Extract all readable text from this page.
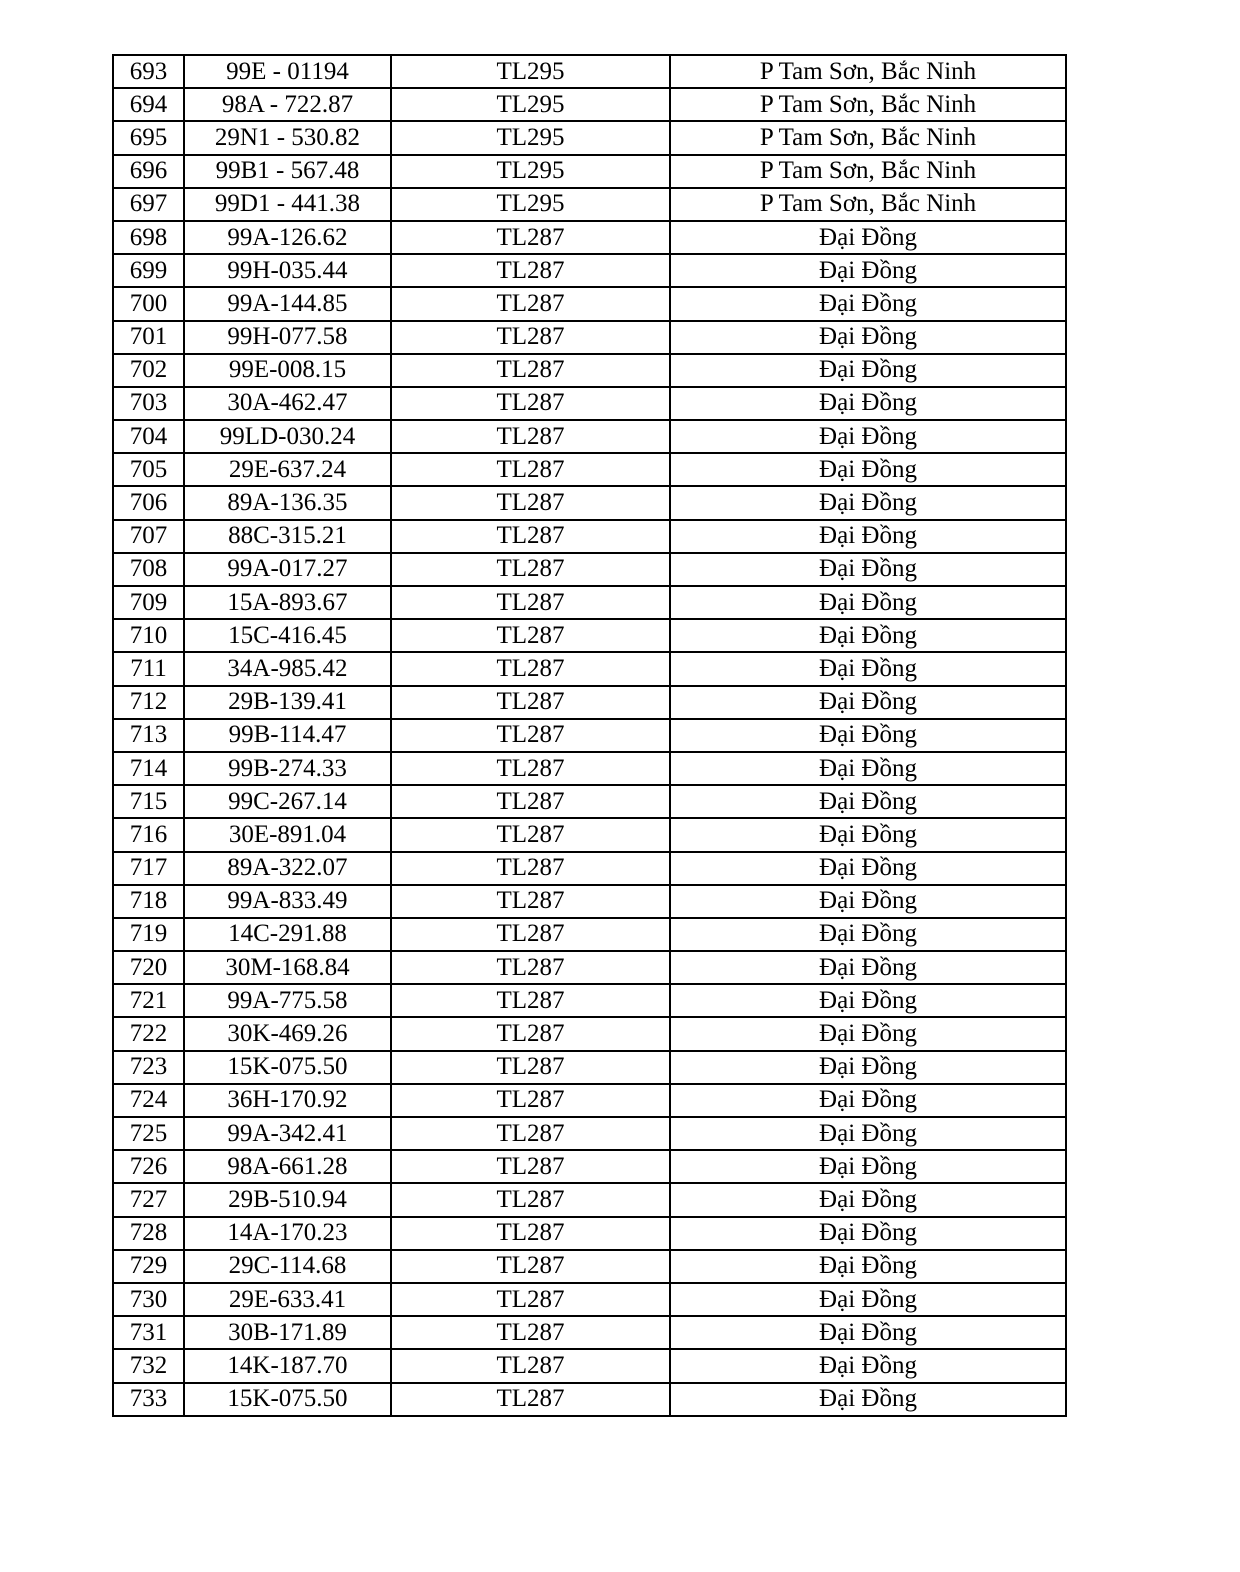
693	99E - 01194	TL295	P Tam Sơn, Bắc Ninh
694	98A - 722.87	TL295	P Tam Sơn, Bắc Ninh
695	29N1 - 530.82	TL295	P Tam Sơn, Bắc Ninh
696	99B1 - 567.48	TL295	P Tam Sơn, Bắc Ninh
697	99D1 - 441.38	TL295	P Tam Sơn, Bắc Ninh
698	99A-126.62	TL287	Đại Đồng
699	99H-035.44	TL287	Đại Đồng
700	99A-144.85	TL287	Đại Đồng
701	99H-077.58	TL287	Đại Đồng
702	99E-008.15	TL287	Đại Đồng
703	30A-462.47	TL287	Đại Đồng
704	99LD-030.24	TL287	Đại Đồng
705	29E-637.24	TL287	Đại Đồng
706	89A-136.35	TL287	Đại Đồng
707	88C-315.21	TL287	Đại Đồng
708	99A-017.27	TL287	Đại Đồng
709	15A-893.67	TL287	Đại Đồng
710	15C-416.45	TL287	Đại Đồng
711	34A-985.42	TL287	Đại Đồng
712	29B-139.41	TL287	Đại Đồng
713	99B-114.47	TL287	Đại Đồng
714	99B-274.33	TL287	Đại Đồng
715	99C-267.14	TL287	Đại Đồng
716	30E-891.04	TL287	Đại Đồng
717	89A-322.07	TL287	Đại Đồng
718	99A-833.49	TL287	Đại Đồng
719	14C-291.88	TL287	Đại Đồng
720	30M-168.84	TL287	Đại Đồng
721	99A-775.58	TL287	Đại Đồng
722	30K-469.26	TL287	Đại Đồng
723	15K-075.50	TL287	Đại Đồng
724	36H-170.92	TL287	Đại Đồng
725	99A-342.41	TL287	Đại Đồng
726	98A-661.28	TL287	Đại Đồng
727	29B-510.94	TL287	Đại Đồng
728	14A-170.23	TL287	Đại Đồng
729	29C-114.68	TL287	Đại Đồng
730	29E-633.41	TL287	Đại Đồng
731	30B-171.89	TL287	Đại Đồng
732	14K-187.70	TL287	Đại Đồng
733	15K-075.50	TL287	Đại Đồng
